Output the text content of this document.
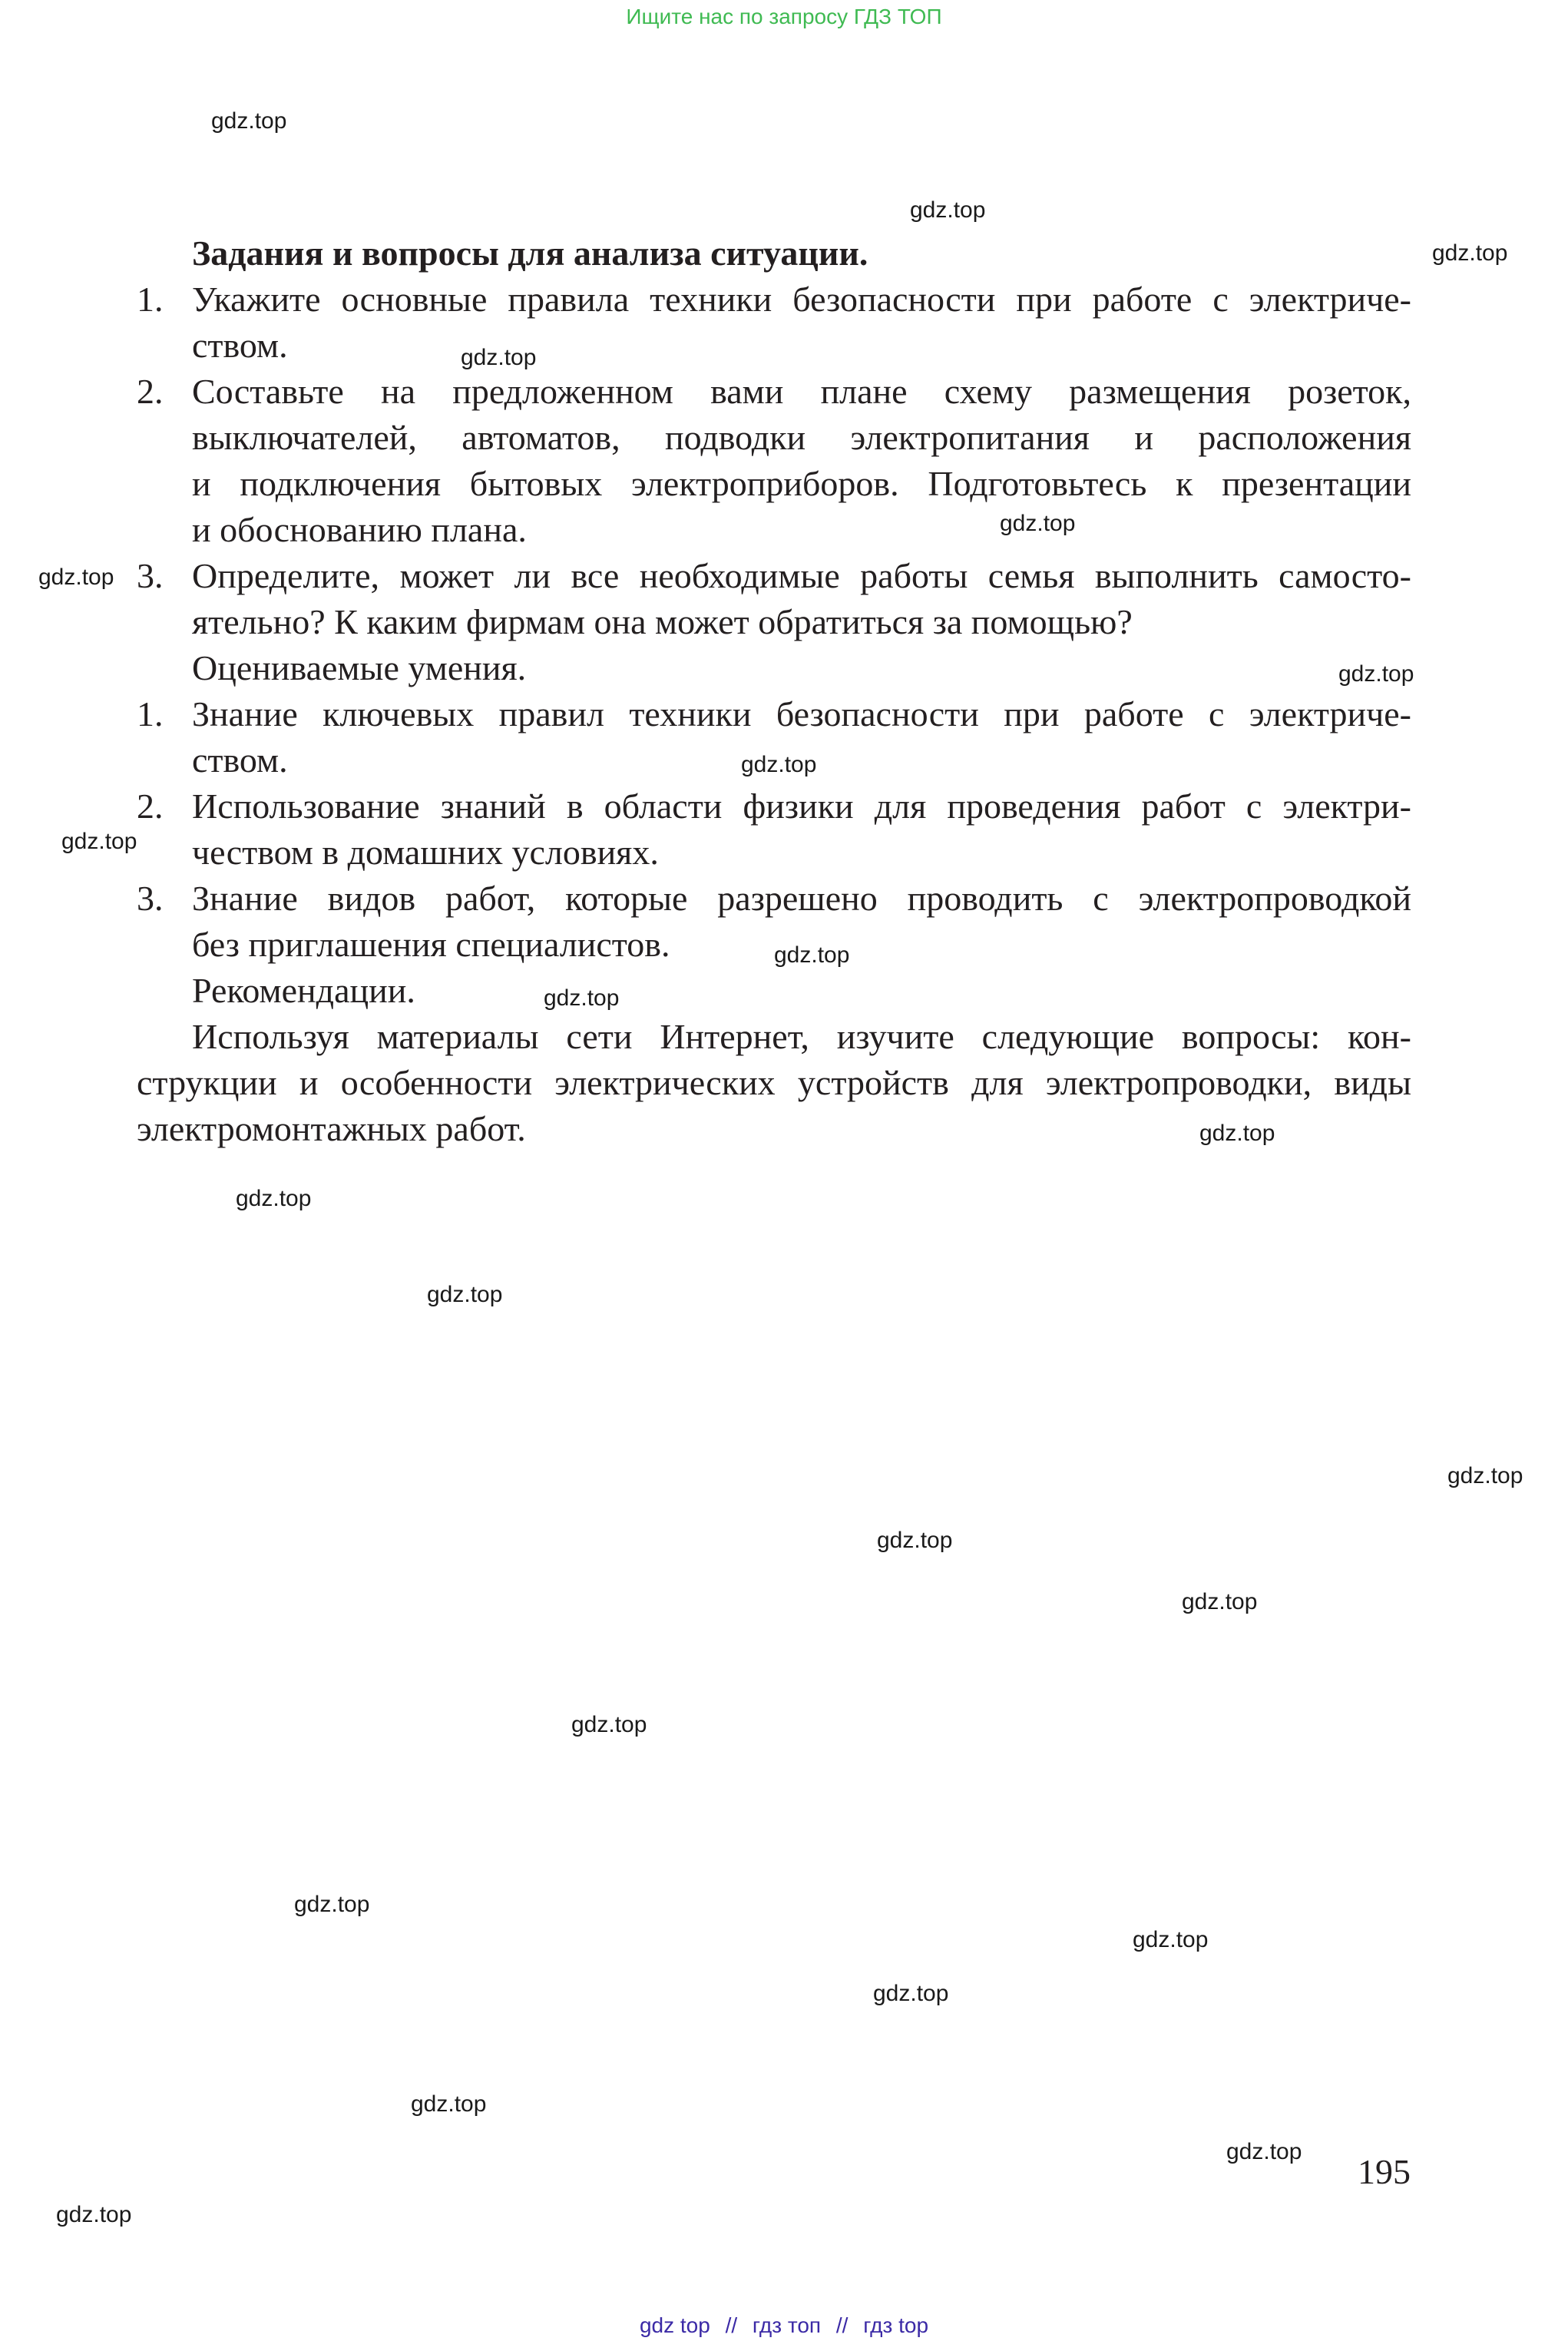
Ищите нас по запросу ГДЗ ТОП
Задания и вопросы для анализа ситуации.
1. Укажите основные правила техники безопасности при работе с электриче-
ством.
2. Составьте на предложенном вами плане схему размещения розеток,
выключателей, автоматов, подводки электропитания и расположения
и подключения бытовых электроприборов. Подготовьтесь к презентации
и обоснованию плана.
3. Определите, может ли все необходимые работы семья выполнить самосто-
ятельно? К каким фирмам она может обратиться за помощью?
Оцениваемые умения.
1. Знание ключевых правил техники безопасности при работе с электриче-
ством.
2. Использование знаний в области физики для проведения работ с электри-
чеством в домашних условиях.
3. Знание видов работ, которые разрешено проводить с электропроводкой
без приглашения специалистов.
Рекомендации.
Используя материалы сети Интернет, изучите следующие вопросы: кон-
струкции и особенности электрических устройств для электропроводки, виды
электромонтажных работ.
195
gdz.top
gdz.top
gdz.top
gdz.top
gdz.top
gdz.top
gdz.top
gdz.top
gdz.top
gdz.top
gdz.top
gdz.top
gdz.top
gdz.top
gdz.top
gdz.top
gdz.top
gdz.top
gdz.top
gdz.top
gdz.top
gdz.top
gdz.top
gdz.top
gdz top // гдз топ // гдз top
